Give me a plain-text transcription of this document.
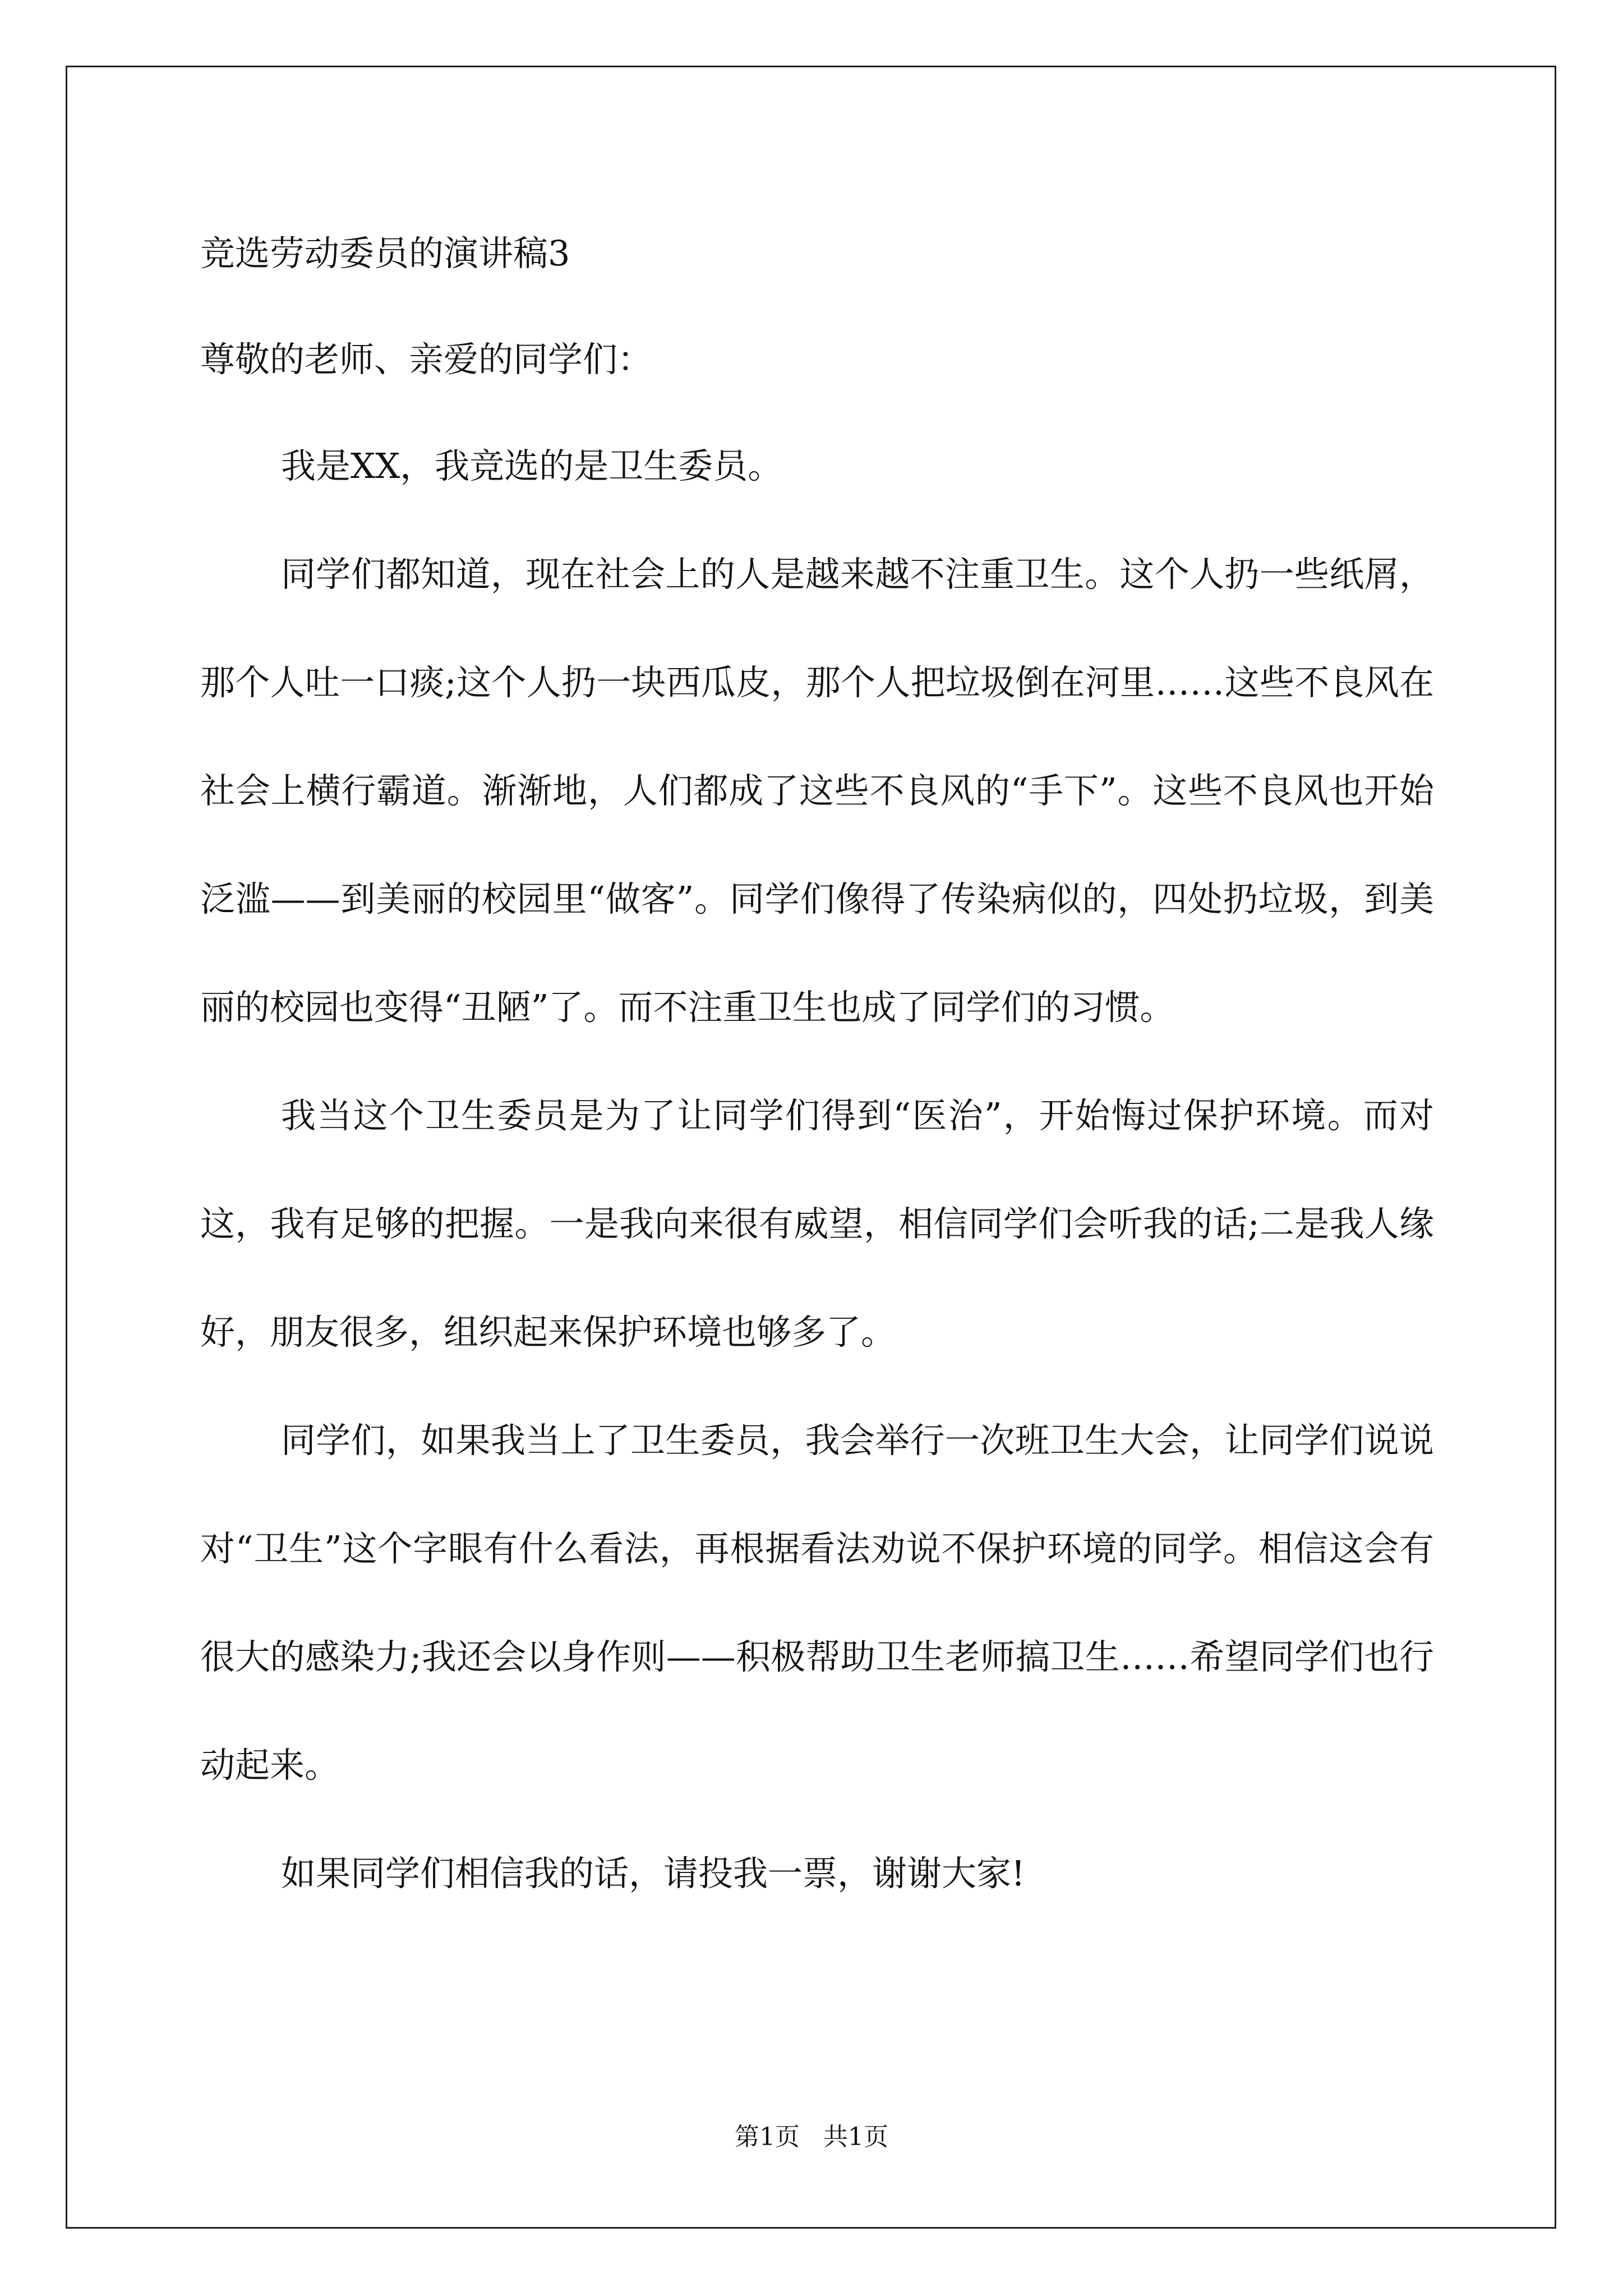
竞选劳动委员的演讲稿3
尊敬的老师、亲爱的同学们：

我是XX，我竞选的是卫生委员。

同学们都知道，现在社会上的人是越来越不注重卫生。这个人扔一些纸屑，那个人吐一口痰;这个人扔一块西瓜皮，那个人把垃圾倒在河里……这些不良风在社会上横行霸道。渐渐地，人们都成了这些不良风的“手下”。这些不良风也开始泛滥——到美丽的校园里“做客”。同学们像得了传染病似的，四处扔垃圾，到美丽的校园也变得“丑陋”了。而不注重卫生也成了同学们的习惯。

我当这个卫生委员是为了让同学们得到“医治”，开始悔过保护环境。而对这，我有足够的把握。一是我向来很有威望，相信同学们会听我的话;二是我人缘好，朋友很多，组织起来保护环境也够多了。

同学们，如果我当上了卫生委员，我会举行一次班卫生大会，让同学们说说对“卫生”这个字眼有什么看法，再根据看法劝说不保护环境的同学。相信这会有很大的感染力;我还会以身作则——积极帮助卫生老师搞卫生……希望同学们也行动起来。

如果同学们相信我的话，请投我一票，谢谢大家!

第1页   共1页
